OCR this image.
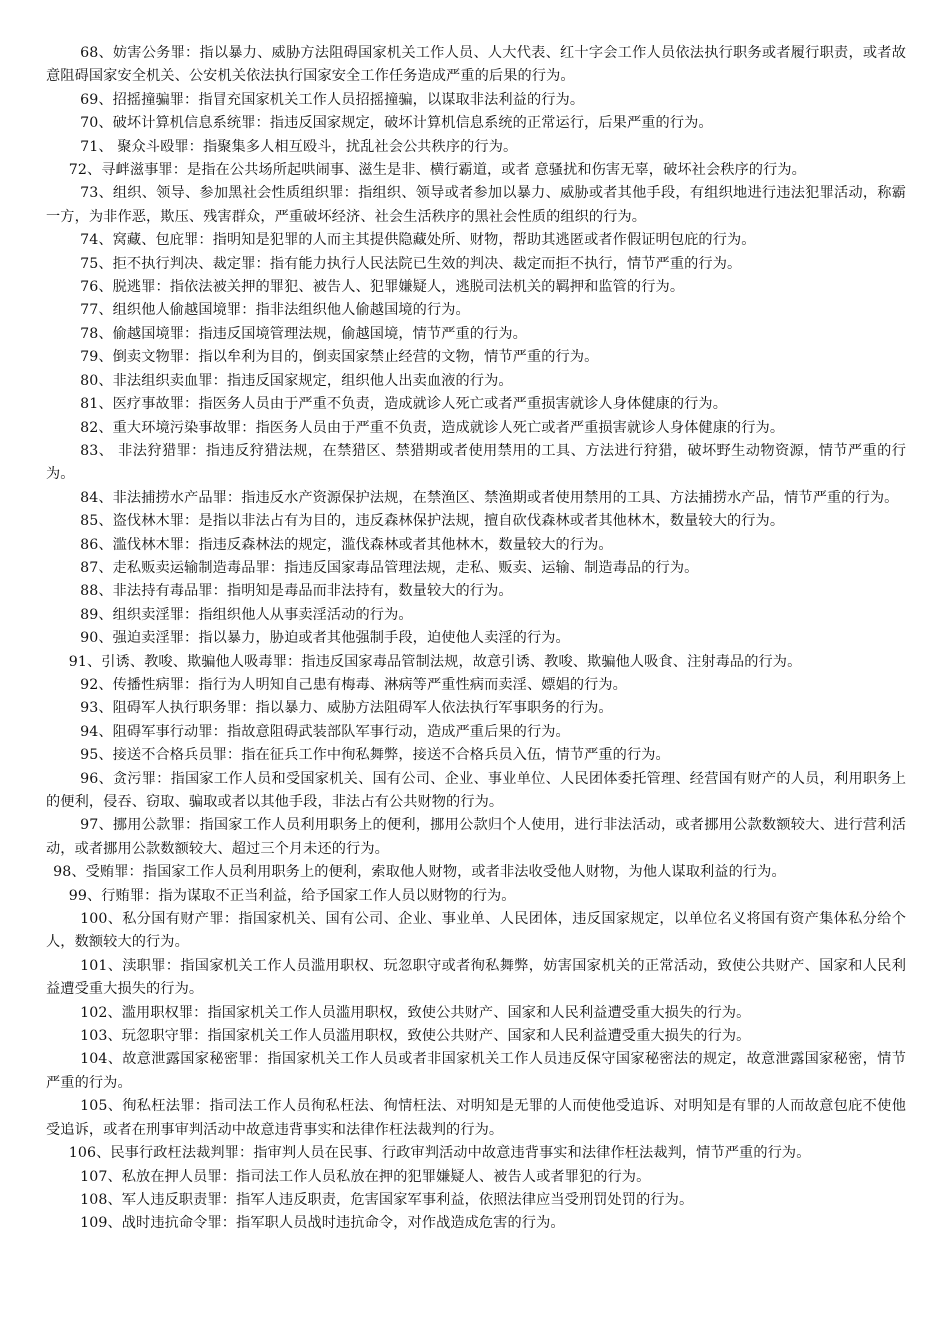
68、妨害公务罪：指以暴力、威胁方法阻碍国家机关工作人员、人大代表、红十字会工作人员依法执行职务或者履行职责，或者故意阻碍国家安全机关、公安机关依法执行国家安全工作任务造成严重的后果的行为。

69、招摇撞骗罪：指冒充国家机关工作人员招摇撞骗，以谋取非法利益的行为。

70、破坏计算机信息系统罪：指违反国家规定，破坏计算机信息系统的正常运行，后果严重的行为。

71、 聚众斗殴罪：指聚集多人相互殴斗，扰乱社会公共秩序的行为。

72、寻衅滋事罪：是指在公共场所起哄闹事、滋生是非、横行霸道，或者 意骚扰和伤害无辜，破坏社会秩序的行为。

73、组织、领导、参加黑社会性质组织罪：指组织、领导或者参加以暴力、威胁或者其他手段，有组织地进行违法犯罪活动，称霸一方，为非作恶，欺压、残害群众，严重破坏经济、社会生活秩序的黑社会性质的组织的行为。

74、窝藏、包庇罪：指明知是犯罪的人而主其提供隐藏处所、财物，帮助其逃匿或者作假证明包庇的行为。

75、拒不执行判决、裁定罪：指有能力执行人民法院已生效的判决、裁定而拒不执行，情节严重的行为。

76、脱逃罪：指依法被关押的罪犯、被告人、犯罪嫌疑人，逃脱司法机关的羁押和监管的行为。

77、组织他人偷越国境罪：指非法组织他人偷越国境的行为。

78、偷越国境罪：指违反国境管理法规，偷越国境，情节严重的行为。

79、倒卖文物罪：指以牟利为目的，倒卖国家禁止经营的文物，情节严重的行为。

80、非法组织卖血罪：指违反国家规定，组织他人出卖血液的行为。

81、医疗事故罪：指医务人员由于严重不负责，造成就诊人死亡或者严重损害就诊人身体健康的行为。

82、重大环境污染事故罪：指医务人员由于严重不负责，造成就诊人死亡或者严重损害就诊人身体健康的行为。

83、 非法狩猎罪：指违反狩猎法规，在禁猎区、禁猎期或者使用禁用的工具、方法进行狩猎，破坏野生动物资源，情节严重的行为。

84、非法捕捞水产品罪：指违反水产资源保护法规，在禁渔区、禁渔期或者使用禁用的工具、方法捕捞水产品，情节严重的行为。

85、盗伐林木罪：是指以非法占有为目的，违反森林保护法规，擅自砍伐森林或者其他林木，数量较大的行为。

86、滥伐林木罪：指违反森林法的规定，滥伐森林或者其他林木，数量较大的行为。

87、走私贩卖运输制造毒品罪：指违反国家毒品管理法规，走私、贩卖、运输、制造毒品的行为。

88、非法持有毒品罪：指明知是毒品而非法持有，数量较大的行为。

89、组织卖淫罪：指组织他人从事卖淫活动的行为。

90、强迫卖淫罪：指以暴力，胁迫或者其他强制手段，迫使他人卖淫的行为。

91、引诱、教唆、欺骗他人吸毒罪：指违反国家毒品管制法规，故意引诱、教唆、欺骗他人吸食、注射毒品的行为。

92、传播性病罪：指行为人明知自己患有梅毒、淋病等严重性病而卖淫、嫖娼的行为。

93、阻碍军人执行职务罪：指以暴力、威胁方法阻碍军人依法执行军事职务的行为。

94、阻碍军事行动罪：指故意阻碍武装部队军事行动，造成严重后果的行为。

95、接送不合格兵员罪：指在征兵工作中徇私舞弊，接送不合格兵员入伍，情节严重的行为。

96、贪污罪：指国家工作人员和受国家机关、国有公司、企业、事业单位、人民团体委托管理、经营国有财产的人员，利用职务上的便利，侵吞、窃取、骗取或者以其他手段，非法占有公共财物的行为。

97、挪用公款罪：指国家工作人员利用职务上的便利，挪用公款归个人使用，进行非法活动，或者挪用公款数额较大、进行营利活动，或者挪用公款数额较大、超过三个月未还的行为。

98、受贿罪：指国家工作人员利用职务上的便利，索取他人财物，或者非法收受他人财物，为他人谋取利益的行为。

99、行贿罪：指为谋取不正当利益，给予国家工作人员以财物的行为。

100、私分国有财产罪：指国家机关、国有公司、企业、事业单、人民团体，违反国家规定，以单位名义将国有资产集体私分给个人，数额较大的行为。

101、渎职罪：指国家机关工作人员滥用职权、玩忽职守或者徇私舞弊，妨害国家机关的正常活动，致使公共财产、国家和人民利益遭受重大损失的行为。

102、滥用职权罪：指国家机关工作人员滥用职权，致使公共财产、国家和人民利益遭受重大损失的行为。

103、玩忽职守罪：指国家机关工作人员滥用职权，致使公共财产、国家和人民利益遭受重大损失的行为。

104、故意泄露国家秘密罪：指国家机关工作人员或者非国家机关工作人员违反保守国家秘密法的规定，故意泄露国家秘密，情节严重的行为。

105、徇私枉法罪：指司法工作人员徇私枉法、徇情枉法、对明知是无罪的人而使他受追诉、对明知是有罪的人而故意包庇不使他受追诉，或者在刑事审判活动中故意违背事实和法律作枉法裁判的行为。

106、民事行政枉法裁判罪：指审判人员在民事、行政审判活动中故意违背事实和法律作枉法裁判，情节严重的行为。

107、私放在押人员罪：指司法工作人员私放在押的犯罪嫌疑人、被告人或者罪犯的行为。

108、军人违反职责罪：指军人违反职责，危害国家军事利益，依照法律应当受刑罚处罚的行为。

109、战时违抗命令罪：指军职人员战时违抗命令，对作战造成危害的行为。
